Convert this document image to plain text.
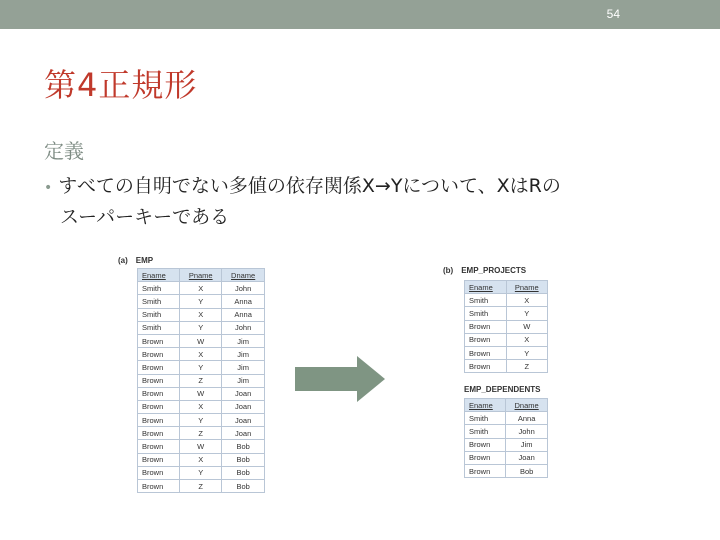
54
第4正規形
定義
• すべての自明でない多値の依存関係X→Yについて、XはRの
スーパーキーである
(a) EMP
Ename	Pname	Dname
Smith	X	John
Smith	Y	Anna
Smith	X	Anna
Smith	Y	John
Brown	W	Jim
Brown	X	Jim
Brown	Y	Jim
Brown	Z	Jim
Brown	W	Joan
Brown	X	Joan
Brown	Y	Joan
Brown	Z	Joan
Brown	W	Bob
Brown	X	Bob
Brown	Y	Bob
Brown	Z	Bob
(b) EMP_PROJECTS
Ename	Pname
Smith	X
Smith	Y
Brown	W
Brown	X
Brown	Y
Brown	Z
EMP_DEPENDENTS
Ename	Dname
Smith	Anna
Smith	John
Brown	Jim
Brown	Joan
Brown	Bob
